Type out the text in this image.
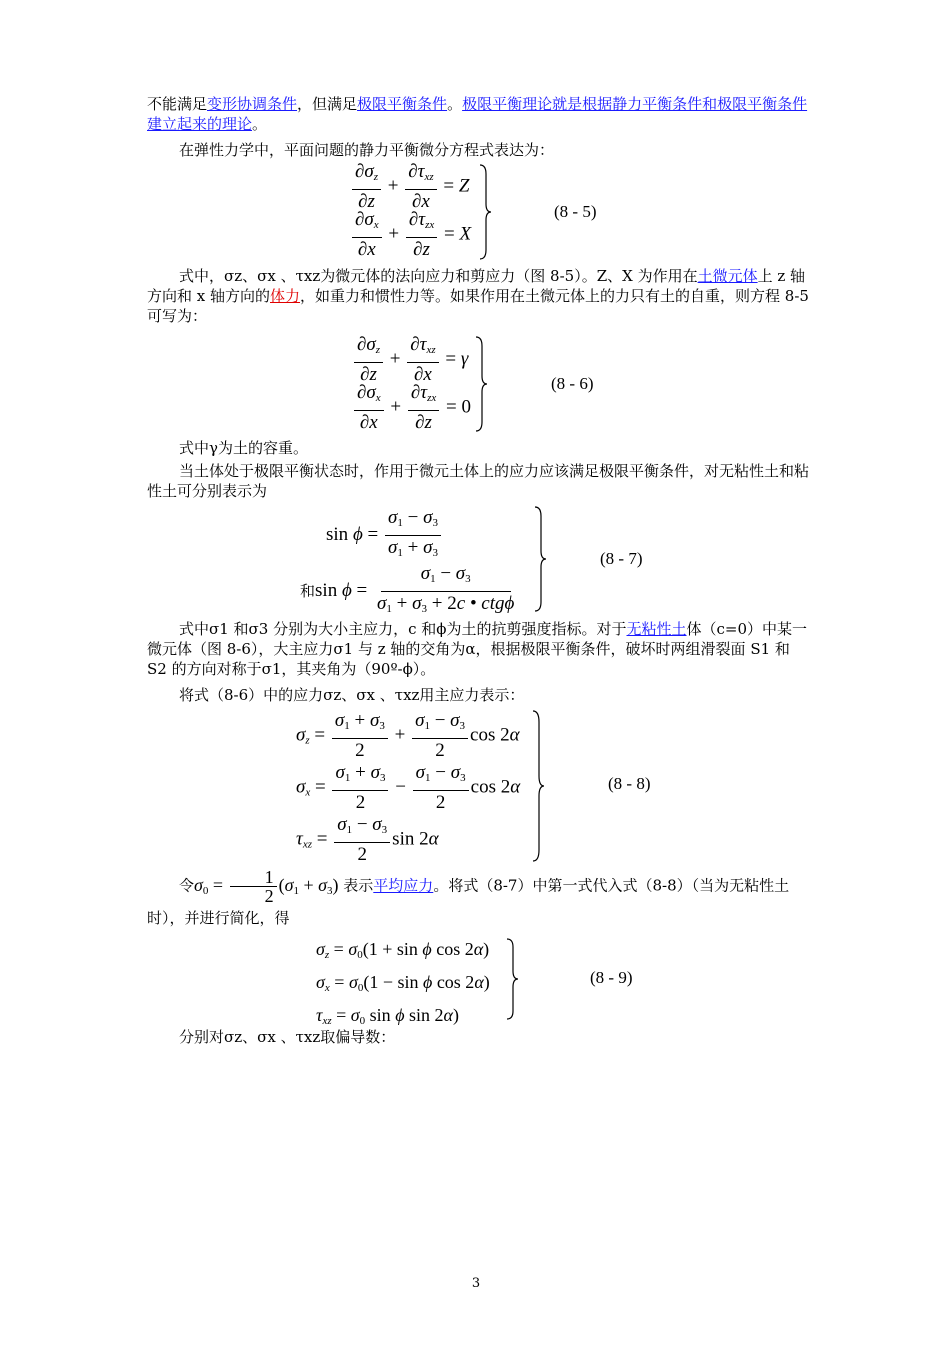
不能满足变形协调条件，但满足极限平衡条件。极限平衡理论就是根据静力平衡条件和极限平衡条件建立起来的理论。
在弹性力学中，平面问题的静力平衡微分方程式表达为：
$\frac{\partial\sigma_z}{\partial z} + \frac{\partial\tau_{xz}}{\partial x} = Z$
$\frac{\partial\sigma_x}{\partial x} + \frac{\partial\tau_{zx}}{\partial z} = X$
(8 - 5)
式中，σz、σx 、τxz为微元体的法向应力和剪应力（图 8-5）。Z、X 为作用在土微元体上 z 轴方向和 x 轴方向的体力，如重力和惯性力等。如果作用在土微元体上的力只有土的自重，则方程 8-5 可写为：
$\frac{\partial\sigma_z}{\partial z} + \frac{\partial\tau_{xz}}{\partial x} = \gamma$
$\frac{\partial\sigma_x}{\partial x} + \frac{\partial\tau_{zx}}{\partial z} = 0$
(8 - 6)
式中γ为土的容重。
当土体处于极限平衡状态时，作用于微元土体上的应力应该满足极限平衡条件，对无粘性土和粘性土可分别表示为
$\sin \phi = \frac{\sigma_1 - \sigma_3}{\sigma_1 + \sigma_3}$
和$\sin \phi = \frac{\sigma_1 - \sigma_3}{\sigma_1 + \sigma_3 + 2c • ctg\phi}$
(8 - 7)
式中σ1 和σ3 分别为大小主应力，c 和ϕ为土的抗剪强度指标。对于无粘性土体（c=0）中某一微元体（图 8-6），大主应力σ1 与 z 轴的交角为α，根据极限平衡条件，破坏时两组滑裂面 S1 和 S2 的方向对称于σ1，其夹角为（90º-ϕ）。
将式（8-6）中的应力σz、σx 、τxz用主应力表示：
$\sigma_z = \frac{\sigma_1 + \sigma_3}{2} + \frac{\sigma_1 - \sigma_3}{2}$ cos 2α
$\sigma_x = \frac{\sigma_1 + \sigma_3}{2} - \frac{\sigma_1 - \sigma_3}{2}$ cos 2α
$\tau_{xz} = \frac{\sigma_1 - \sigma_3}{2}$ sin 2α
(8 - 8)
令$\sigma_0 = \frac{1}{2} (\sigma_1 + \sigma_3)$ 表示平均应力。将式（8-7）中第一式代入式（8-8）（当为无粘性土时），并进行简化，得
$\sigma_z = \sigma_0(1 + \sin \phi$ cos 2α)
$\sigma_x = \sigma_0(1 - \sin \phi$ cos 2α)
$\tau_{xz} = \sigma_0$ sin ϕ sin 2α)
(8 - 9)
分别对σz、σx 、τxz取偏导数：
3
